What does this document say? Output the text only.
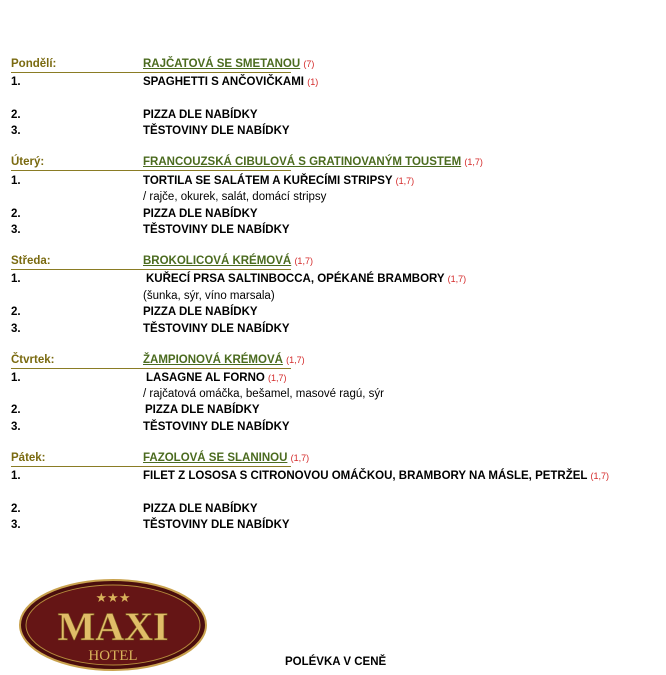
Pondělí:	RAJČATOVÁ SE SMETANOU (7)
1.	SPAGHETTI S ANČOVIČKAMI (1)
2.	PIZZA DLE NABÍDKY
3.	TĚSTOVINY DLE NABÍDKY
Úterý:	FRANCOUZSKÁ CIBULOVÁ S GRATINOVANÝM TOUSTEM (1,7)
1.	TORTILA SE SALÁTEM A KUŘECÍMI STRIPSY (1,7)
/ rajče, okurek, salát, domácí stripsy
2.	PIZZA DLE NABÍDKY
3.	TĚSTOVINY DLE NABÍDKY
Středa:	BROKOLICOVÁ KRÉMOVÁ (1,7)
1.	KUŘECÍ PRSA SALTINBOCCA, OPÉKANÉ BRAMBORY (1,7)
(šunka, sýr, víno marsala)
2.	PIZZA DLE NABÍDKY
3.	TĚSTOVINY DLE NABÍDKY
Čtvrtek:	ŽAMPIONOVÁ KRÉMOVÁ (1,7)
1.	LASAGNE AL FORNO (1,7)
/ rajčatová omáčka, bešamel, masové ragú, sýr
2.	PIZZA DLE NABÍDKY
3.	TĚSTOVINY DLE NABÍDKY
Pátek:	FAZOLOVÁ SE SLANINOU (1,7)
1.	FILET Z LOSOSA S CITRONOVOU OMÁČKOU, BRAMBORY NA MÁSLE, PETRŽEL (1,7)
2.	PIZZA DLE NABÍDKY
3.	TĚSTOVINY DLE NABÍDKY
★★★
MAXI
HOTEL	POLÉVKA V CENĚ
